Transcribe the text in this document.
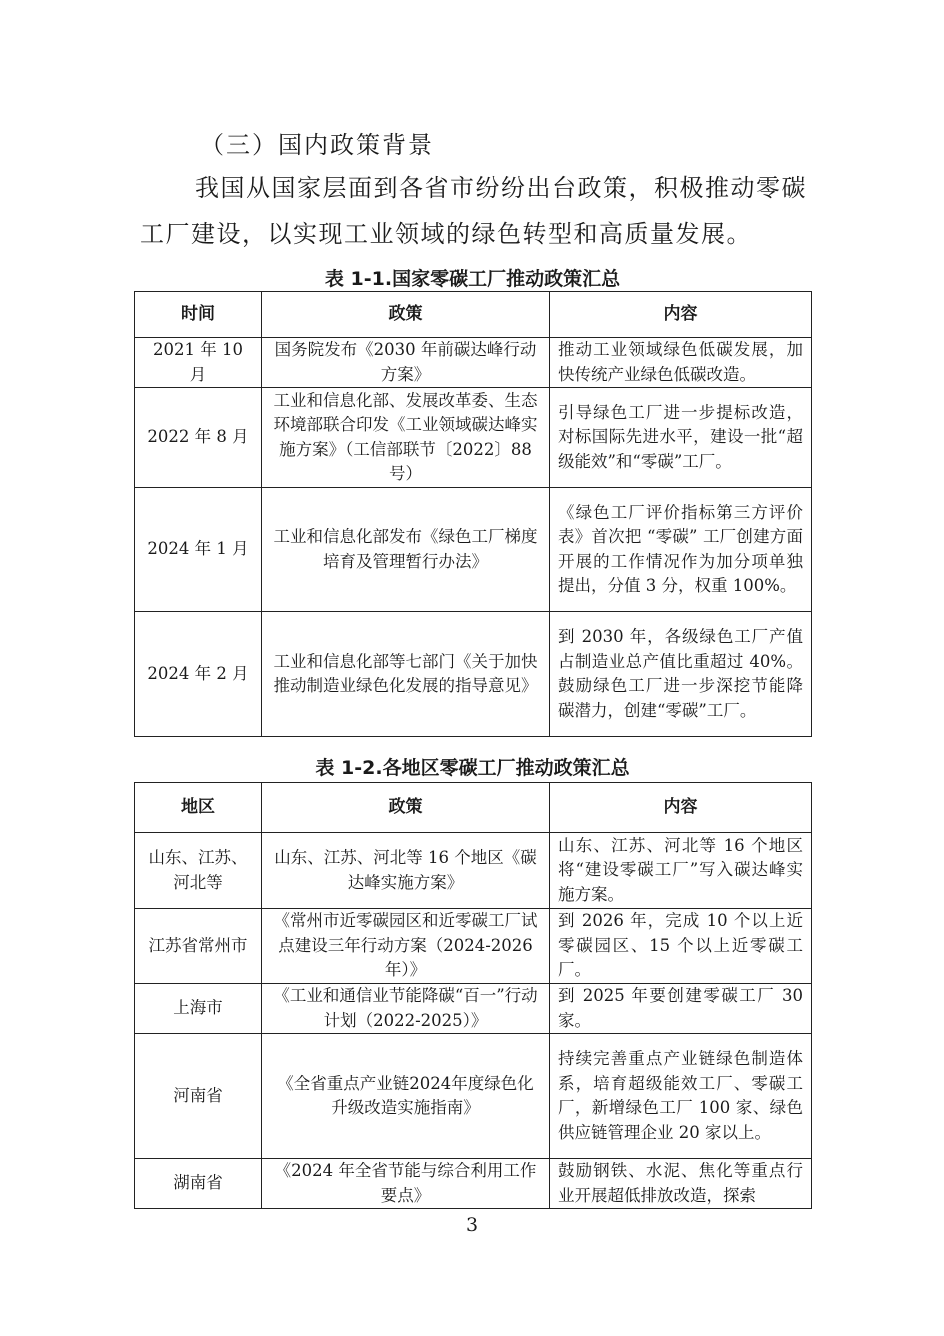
（三）国内政策背景
我国从国家层面到各省市纷纷出台政策，积极推动零碳工厂建设，以实现工业领域的绿色转型和高质量发展。
表 1-1.国家零碳工厂推动政策汇总
时间	政策	内容
2021 年 10 月	国务院发布《2030 年前碳达峰行动方案》	推动工业领域绿色低碳发展，加快传统产业绿色低碳改造。
2022 年 8 月	工业和信息化部、发展改革委、生态环境部联合印发《工业领域碳达峰实施方案》（工信部联节〔2022〕88 号）	引导绿色工厂进一步提标改造，对标国际先进水平，建设一批“超级能效”和“零碳”工厂。
2024 年 1 月	工业和信息化部发布《绿色工厂梯度培育及管理暂行办法》	《绿色工厂评价指标第三方评价表》首次把 “零碳” 工厂创建方面开展的工作情况作为加分项单独提出，分值 3 分，权重 100%。
2024 年 2 月	工业和信息化部等七部门《关于加快推动制造业绿色化发展的指导意见》	到 2030 年，各级绿色工厂产值占制造业总产值比重超过 40%。鼓励绿色工厂进一步深挖节能降碳潜力，创建“零碳”工厂。
表 1-2.各地区零碳工厂推动政策汇总
地区	政策	内容
山东、江苏、河北等	山东、江苏、河北等 16 个地区《碳达峰实施方案》	山东、江苏、河北等 16 个地区将“建设零碳工厂”写入碳达峰实施方案。
江苏省常州市	《常州市近零碳园区和近零碳工厂试点建设三年行动方案（2024-2026 年）》	到 2026 年，完成 10 个以上近零碳园区、15 个以上近零碳工厂。
上海市	《工业和通信业节能降碳“百一”行动计划（2022-2025）》	到 2025 年要创建零碳工厂 30 家。
河南省	《全省重点产业链2024年度绿色化升级改造实施指南》	持续完善重点产业链绿色制造体系，培育超级能效工厂、零碳工厂，新增绿色工厂 100 家、绿色供应链管理企业 20 家以上。
湖南省	《2024 年全省节能与综合利用工作要点》	鼓励钢铁、水泥、焦化等重点行业开展超低排放改造，探索
3
